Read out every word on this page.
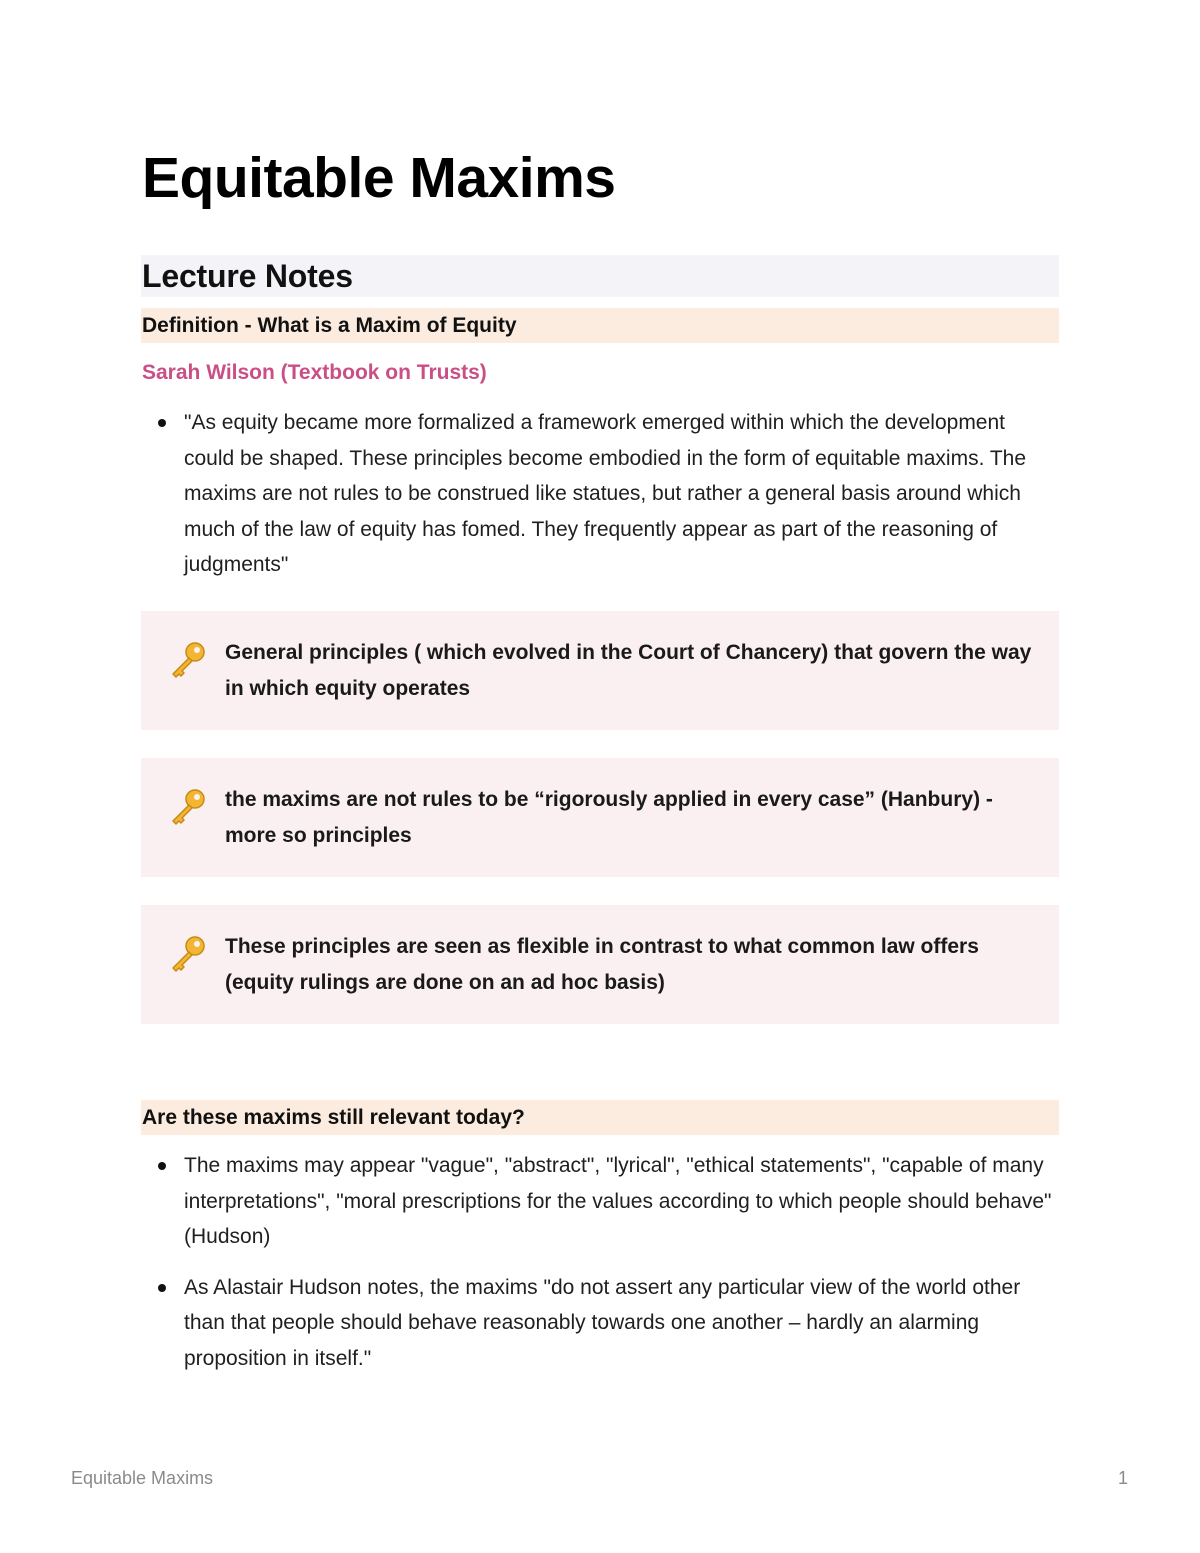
Equitable Maxims
Lecture Notes
Definition - What is a Maxim of Equity
Sarah Wilson (Textbook on Trusts)
"As equity became more formalized a framework emerged within which the development could be shaped. These principles become embodied in the form of equitable maxims. The maxims are not rules to be construed like statues, but rather a general basis around which much of the law of equity has fomed. They frequently appear as part of the reasoning of judgments"
General principles ( which evolved in the Court of Chancery) that govern the way in which equity operates
the maxims are not rules to be “rigorously applied in every case” (Hanbury) - more so principles
These principles are seen as flexible in contrast to what common law offers (equity rulings are done on an ad hoc basis)
Are these maxims still relevant today?
The maxims may appear "vague", "abstract", "lyrical", "ethical statements", "capable of many interpretations", "moral prescriptions for the values according to which people should behave" (Hudson)
As Alastair Hudson notes, the maxims "do not assert any particular view of the world other than that people should behave reasonably towards one another – hardly an alarming proposition in itself."
Equitable Maxims	1
